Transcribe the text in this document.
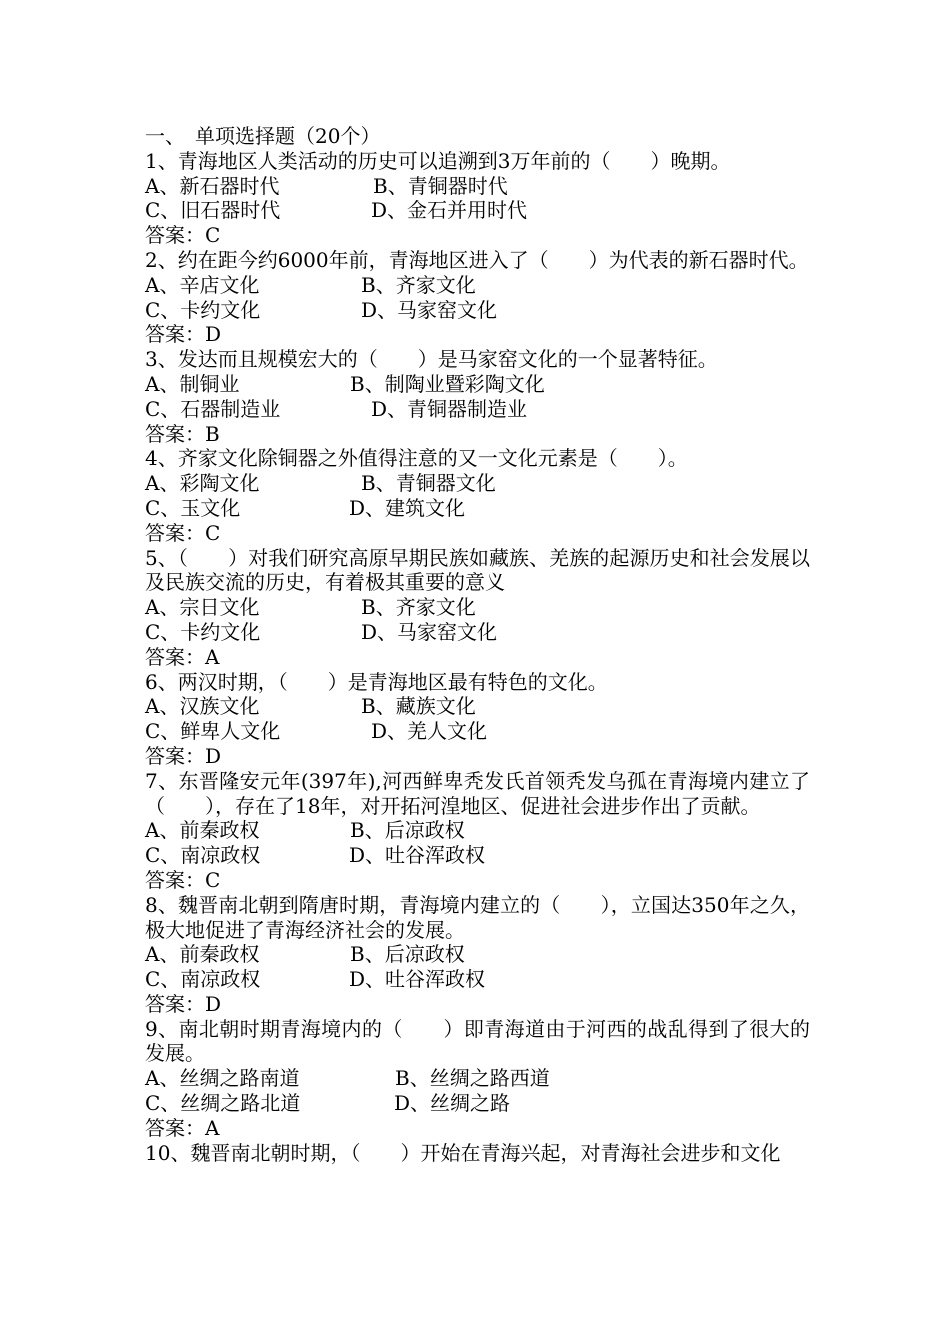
一、　单项选择题（20个）
1、青海地区人类活动的历史可以追溯到3万年前的（　　）晚期。
A、新石器时代	B、青铜器时代
C、旧石器时代	D、金石并用时代
答案：C
2、约在距今约6000年前，青海地区进入了（　　）为代表的新石器时代。
A、辛店文化	B、齐家文化
C、卡约文化	D、马家窑文化
答案：D
3、发达而且规模宏大的（　　）是马家窑文化的一个显著特征。
A、制铜业	B、制陶业暨彩陶文化
C、石器制造业	D、青铜器制造业
答案：B
4、齐家文化除铜器之外值得注意的又一文化元素是（　　）。
A、彩陶文化	B、青铜器文化
C、玉文化	D、建筑文化
答案：C
5、（　　）对我们研究高原早期民族如藏族、羌族的起源历史和社会发展以及民族交流的历史，有着极其重要的意义
A、宗日文化	B、齐家文化
C、卡约文化	D、马家窑文化
答案：A
6、两汉时期，（　　）是青海地区最有特色的文化。
A、汉族文化	B、藏族文化
C、鲜卑人文化	D、羌人文化
答案：D
7、东晋隆安元年(397年),河西鲜卑秃发氏首领秃发乌孤在青海境内建立了（　　），存在了18年，对开拓河湟地区、促进社会进步作出了贡献。
A、前秦政权	B、后凉政权
C、南凉政权	D、吐谷浑政权
答案：C
8、魏晋南北朝到隋唐时期，青海境内建立的（　　），立国达350年之久，极大地促进了青海经济社会的发展。
A、前秦政权	B、后凉政权
C、南凉政权	D、吐谷浑政权
答案：D
9、南北朝时期青海境内的（　　）即青海道由于河西的战乱得到了很大的发展。
A、丝绸之路南道	B、丝绸之路西道
C、丝绸之路北道	D、丝绸之路
答案：A
10、魏晋南北朝时期，（　　）开始在青海兴起，对青海社会进步和文化
